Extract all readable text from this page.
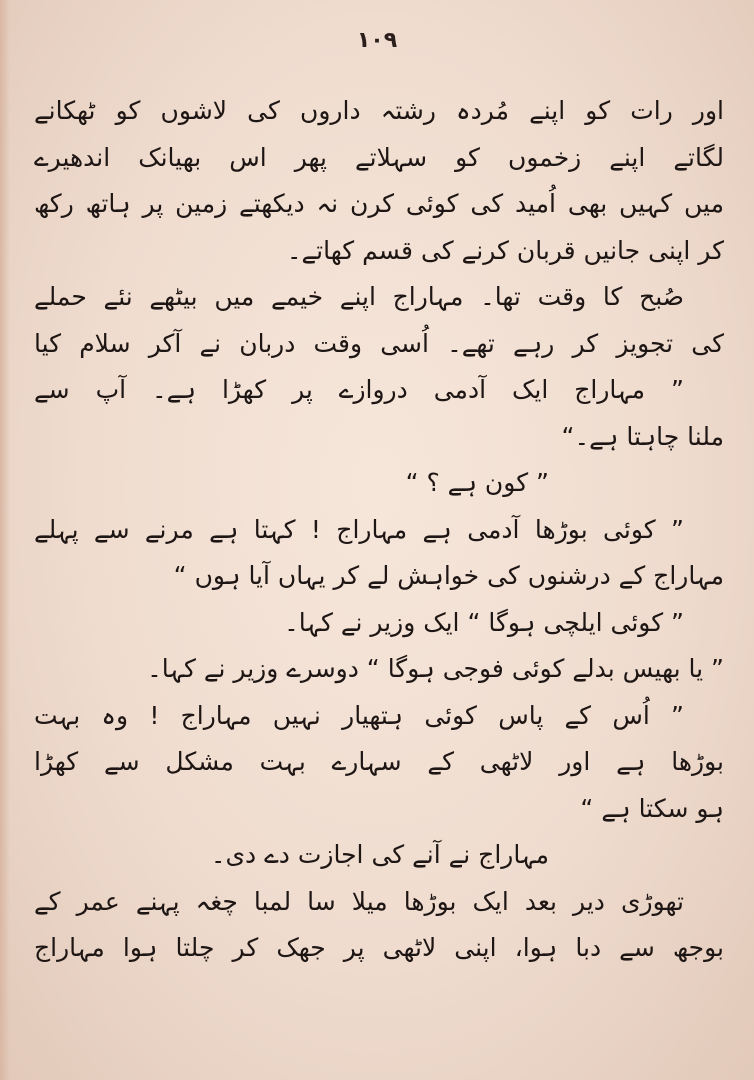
١٠٩
اور رات کو اپنے مُردہ رشتہ داروں کی لاشوں کو ٹھکانے
لگاتے اپنے زخموں کو سہلاتے پھر اس بھیانک اندھیرے
میں کہیں بھی اُمید کی کوئی کرن نہ دیکھتے زمین پر ہاتھ رکھ
کر اپنی جانیں قربان کرنے کی قسم کھاتے۔
صُبح کا وقت تھا۔ مہاراج اپنے خیمے میں بیٹھے نئے حملے
کی تجویز کر رہے تھے۔ اُسی وقت دربان نے آکر سلام کیا
” مہاراج ایک آدمی دروازے پر کھڑا ہے۔ آپ سے
ملنا چاہتا ہے۔“
” کون ہے ؟ “
” کوئی بوڑھا آدمی ہے مہاراج ! کہتا ہے مرنے سے پہلے
مہاراج کے درشنوں کی خواہش لے کر یہاں آیا ہوں “
” کوئی ایلچی ہوگا “ ایک وزیر نے کہا۔
” یا بھیس بدلے کوئی فوجی ہوگا “ دوسرے وزیر نے کہا۔
” اُس کے پاس کوئی ہتھیار نہیں مہاراج ! وہ بہت
بوڑھا ہے اور لاٹھی کے سہارے بہت مشکل سے کھڑا
ہو سکتا ہے “
مہاراج نے آنے کی اجازت دے دی۔
تھوڑی دیر بعد ایک بوڑھا میلا سا لمبا چغہ پہنے عمر کے
بوجھ سے دبا ہوا، اپنی لاٹھی پر جھک کر چلتا ہوا مہاراج
